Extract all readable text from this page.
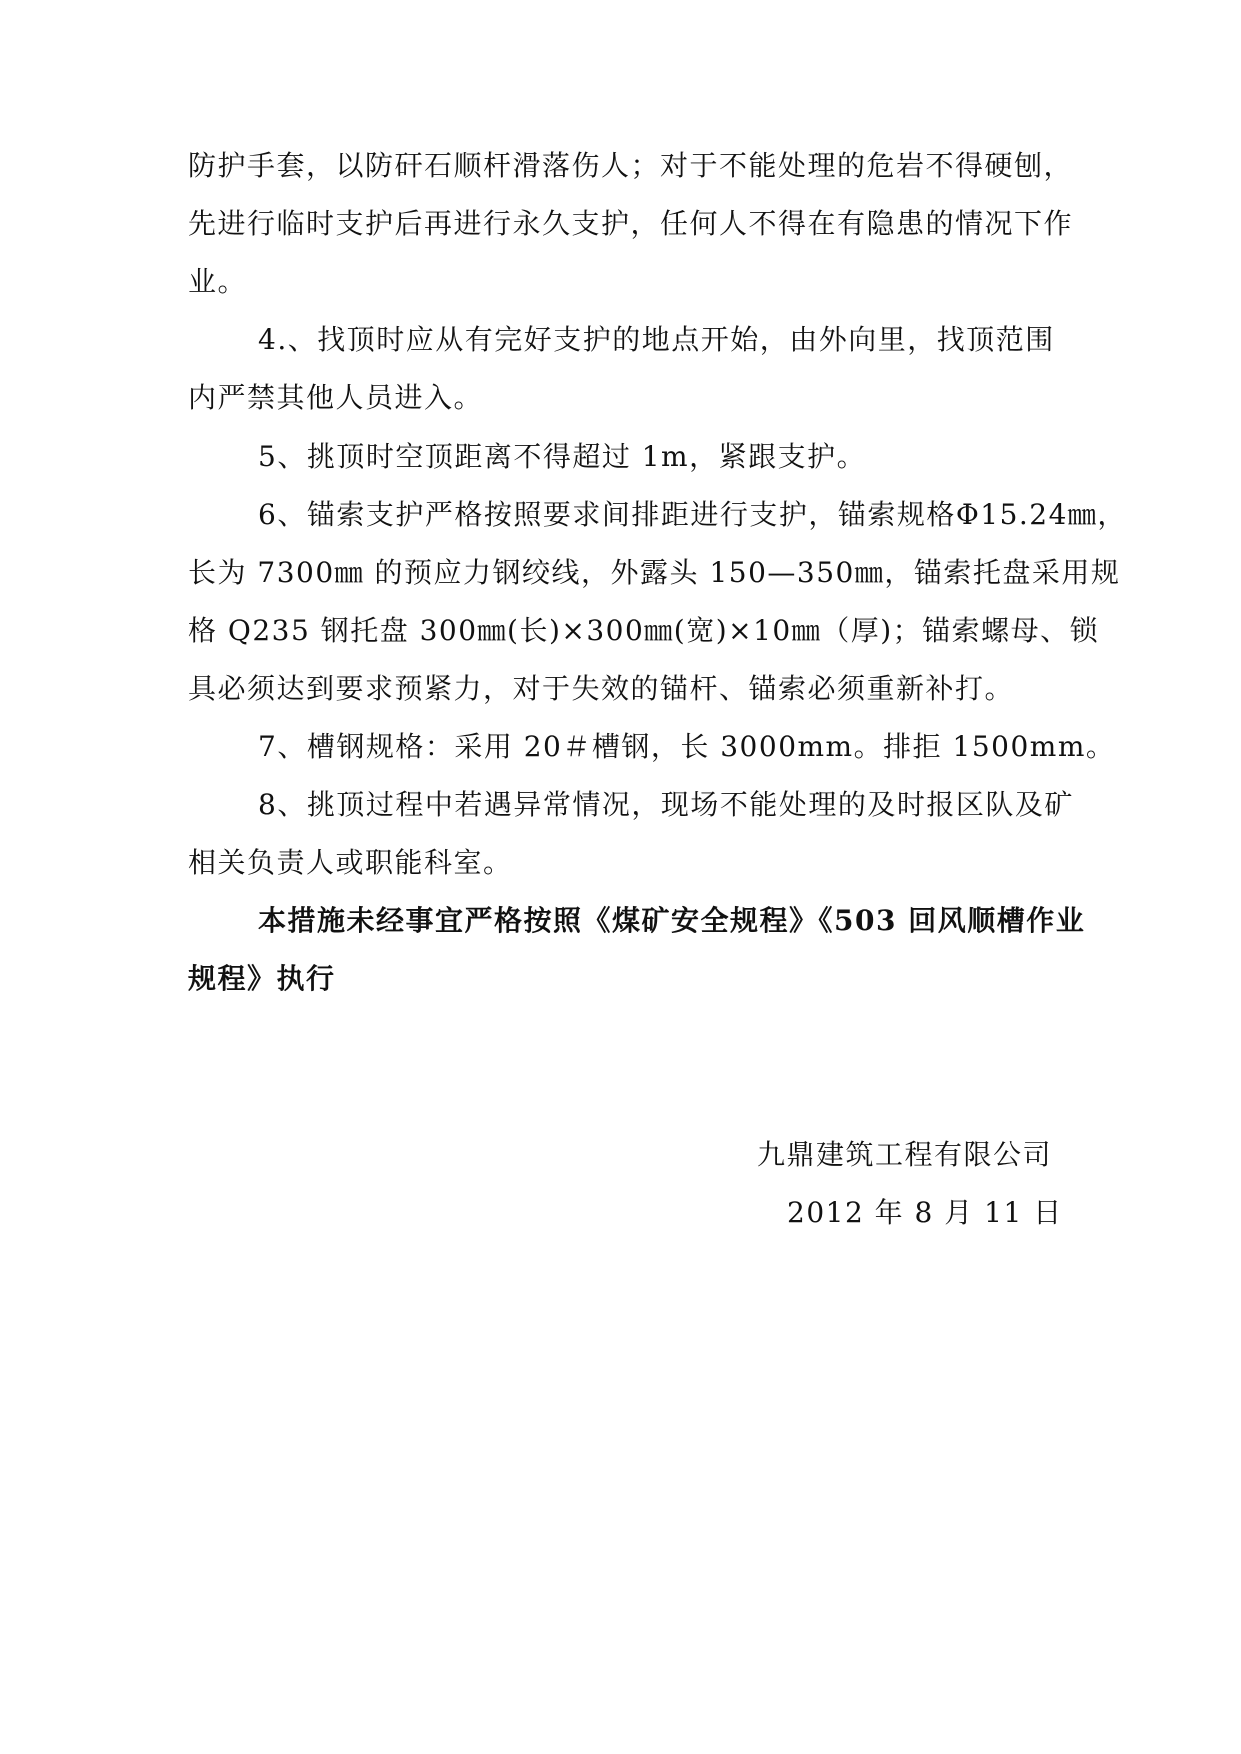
防护手套，以防矸石顺杆滑落伤人；对于不能处理的危岩不得硬刨，
先进行临时支护后再进行永久支护，任何人不得在有隐患的情况下作
业。
4.、找顶时应从有完好支护的地点开始，由外向里，找顶范围
内严禁其他人员进入。
5、挑顶时空顶距离不得超过 1m，紧跟支护。
6、锚索支护严格按照要求间排距进行支护，锚索规格Φ15.24㎜，
长为 7300㎜ 的预应力钢绞线，外露头 150—350㎜，锚索托盘采用规
格 Q235 钢托盘 300㎜(长)×300㎜(宽)×10㎜（厚)；锚索螺母、锁
具必须达到要求预紧力，对于失效的锚杆、锚索必须重新补打。
7、槽钢规格：采用 20＃槽钢，长 3000mm。排拒 1500mm。
8、挑顶过程中若遇异常情况，现场不能处理的及时报区队及矿
相关负责人或职能科室。
本措施未经事宜严格按照《煤矿安全规程》《503 回风顺槽作业
规程》执行
九鼎建筑工程有限公司
2012 年 8 月 11 日
